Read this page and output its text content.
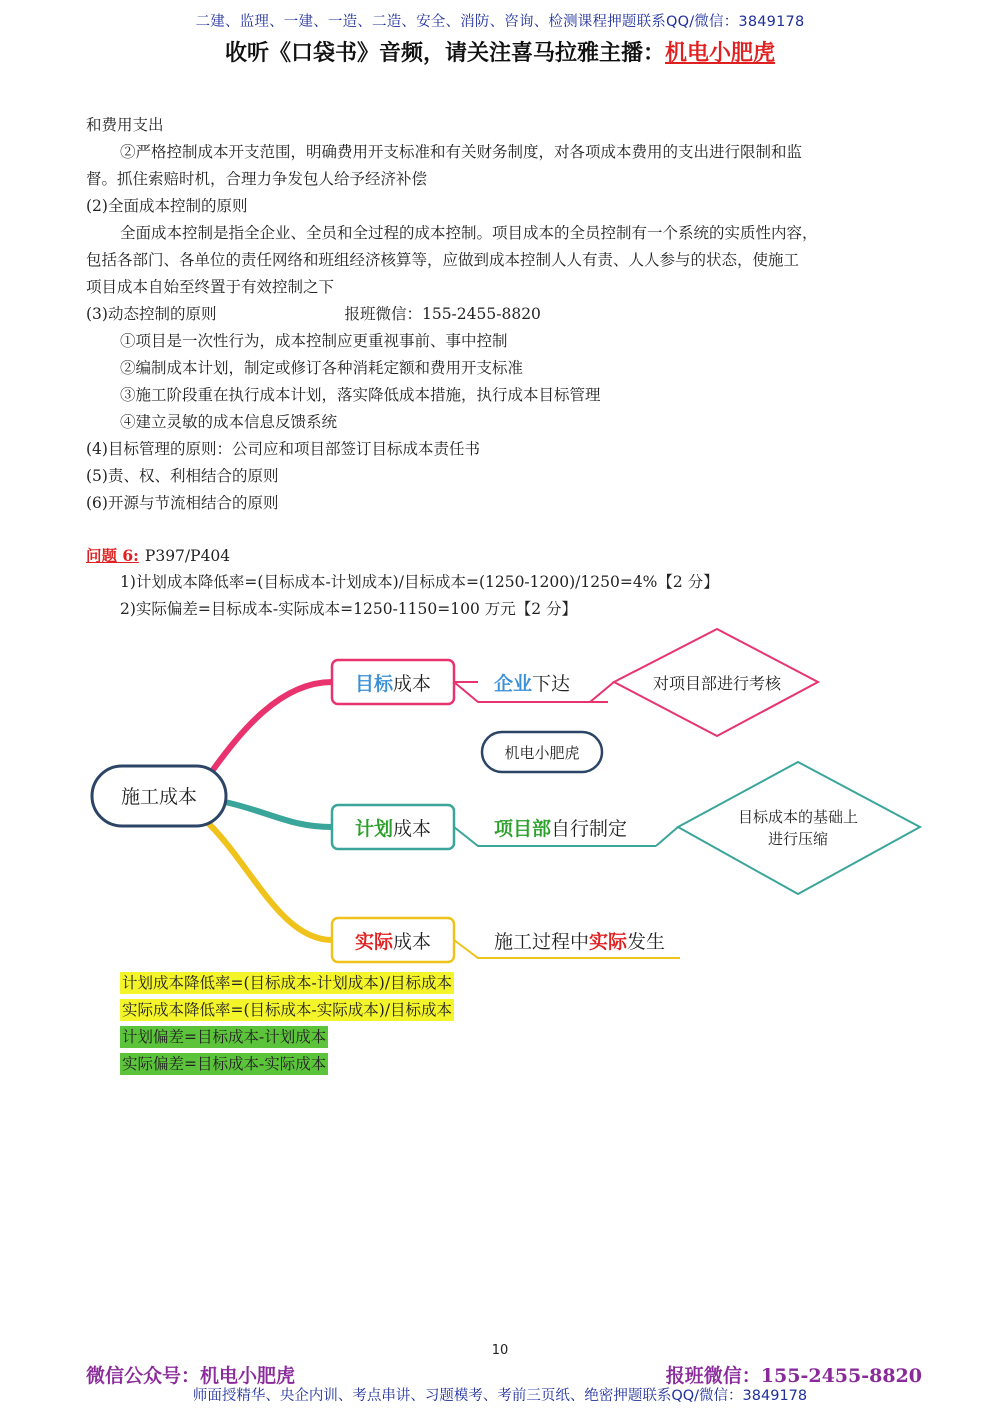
二建、监理、一建、一造、二造、安全、消防、咨询、检测课程押题联系QQ/微信：3849178
收听《口袋书》音频，请关注喜马拉雅主播：机电小肥虎
和费用支出
②严格控制成本开支范围，明确费用开支标准和有关财务制度，对各项成本费用的支出进行限制和监
督。抓住索赔时机，合理力争发包人给予经济补偿
(2)全面成本控制的原则
全面成本控制是指全企业、全员和全过程的成本控制。项目成本的全员控制有一个系统的实质性内容，
包括各部门、各单位的责任网络和班组经济核算等，应做到成本控制人人有责、人人参与的状态，使施工
项目成本自始至终置于有效控制之下
(3)动态控制的原则	报班微信：155-2455-8820
①项目是一次性行为，成本控制应更重视事前、事中控制
②编制成本计划，制定或修订各种消耗定额和费用开支标准
③施工阶段重在执行成本计划，落实降低成本措施，执行成本目标管理
④建立灵敏的成本信息反馈系统
(4)目标管理的原则：公司应和项目部签订目标成本责任书
(5)责、权、利相结合的原则
(6)开源与节流相结合的原则
问题 6: P397/P404
1)计划成本降低率=(目标成本-计划成本)/目标成本=(1250-1200)/1250=4%【2 分】
2)实际偏差=目标成本-实际成本=1250-1150=100 万元【2 分】
施工成本
目标成本	企业下达	对项目部进行考核
机电小肥虎
计划成本	项目部自行制定
目标成本的基础上
进行压缩
实际成本	施工过程中实际发生
计划成本降低率=(目标成本-计划成本)/目标成本
实际成本降低率=(目标成本-实际成本)/目标成本
计划偏差=目标成本-计划成本
实际偏差=目标成本-实际成本
10
微信公众号：机电小肥虎	报班微信：155-2455-8820
师面授精华、央企内训、考点串讲、习题模考、考前三页纸、绝密押题联系QQ/微信：3849178
